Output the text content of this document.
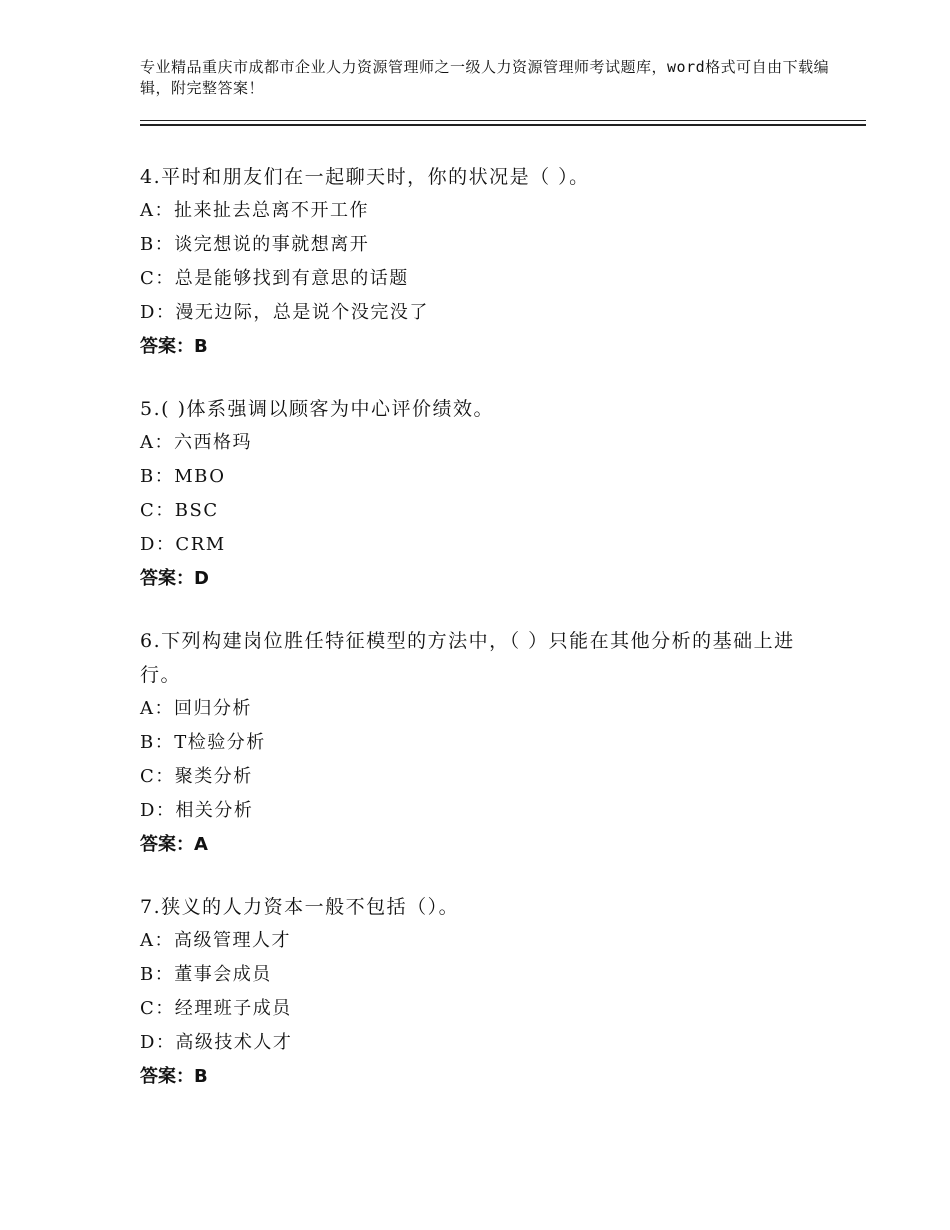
专业精品重庆市成都市企业人力资源管理师之一级人力资源管理师考试题库，word格式可自由下载编辑，附完整答案！
4.平时和朋友们在一起聊天时，你的状况是（ ）。
A：扯来扯去总离不开工作
B：谈完想说的事就想离开
C：总是能够找到有意思的话题
D：漫无边际，总是说个没完没了
答案：B
5.( )体系强调以顾客为中心评价绩效。
A：六西格玛
B：MBO
C：BSC
D：CRM
答案：D
6.下列构建岗位胜任特征模型的方法中，（ ）只能在其他分析的基础上进行。
A：回归分析
B：T检验分析
C：聚类分析
D：相关分析
答案：A
7.狭义的人力资本一般不包括（）。
A：高级管理人才
B：董事会成员
C：经理班子成员
D：高级技术人才
答案：B
